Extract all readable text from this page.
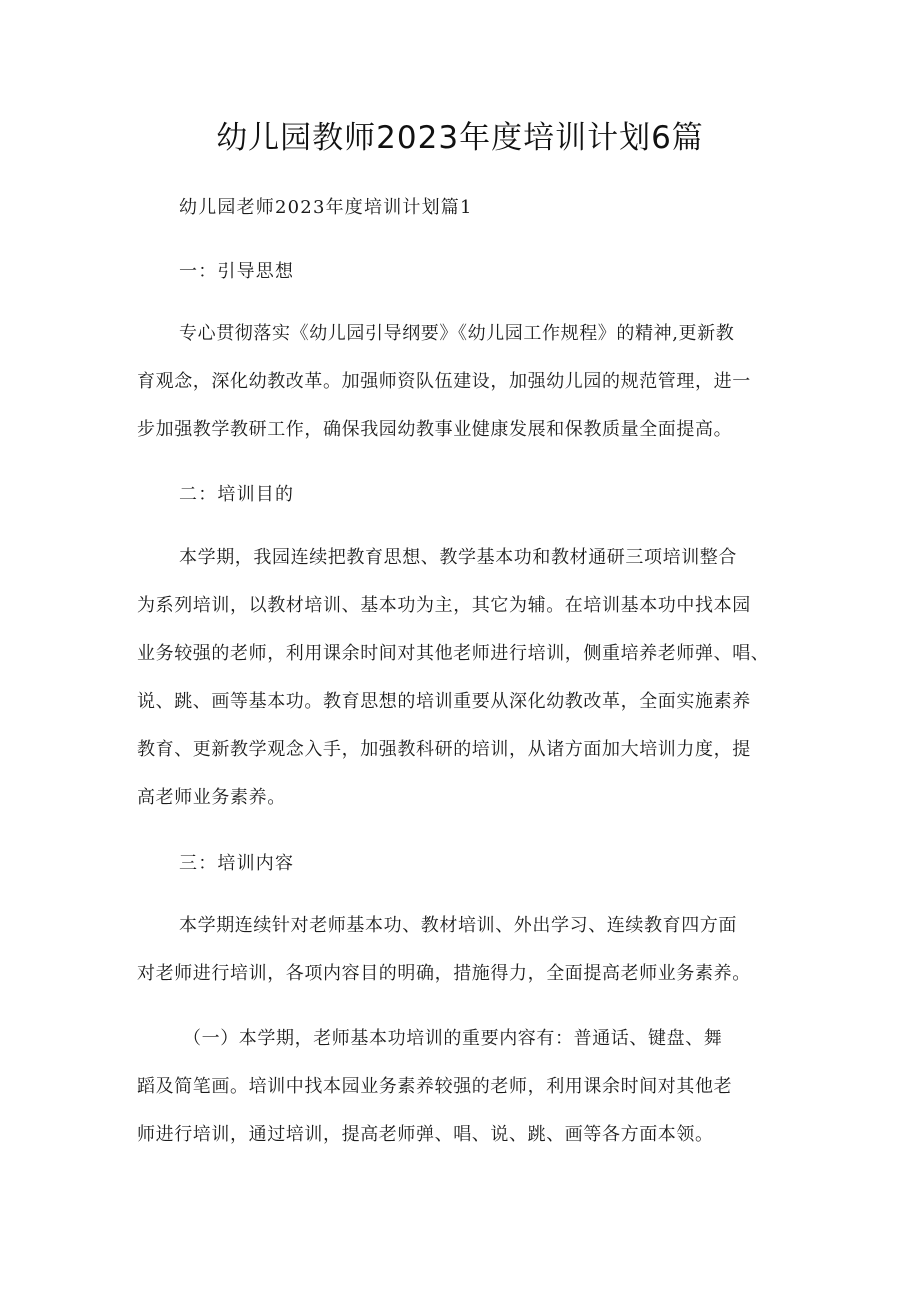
幼儿园教师2023年度培训计划6篇
幼儿园老师2023年度培训计划篇1
一：引导思想
专心贯彻落实《幼儿园引导纲要》《幼儿园工作规程》的精神,更新教
育观念，深化幼教改革。加强师资队伍建设，加强幼儿园的规范管理，进一
步加强教学教研工作，确保我园幼教事业健康发展和保教质量全面提高。
二：培训目的
本学期，我园连续把教育思想、教学基本功和教材通研三项培训整合
为系列培训，以教材培训、基本功为主，其它为辅。在培训基本功中找本园
业务较强的老师，利用课余时间对其他老师进行培训，侧重培养老师弹、唱、
说、跳、画等基本功。教育思想的培训重要从深化幼教改革，全面实施素养
教育、更新教学观念入手，加强教科研的培训，从诸方面加大培训力度，提
高老师业务素养。
三：培训内容
本学期连续针对老师基本功、教材培训、外出学习、连续教育四方面
对老师进行培训，各项内容目的明确，措施得力，全面提高老师业务素养。
（一）本学期，老师基本功培训的重要内容有：普通话、键盘、舞
蹈及简笔画。培训中找本园业务素养较强的老师，利用课余时间对其他老
师进行培训，通过培训，提高老师弹、唱、说、跳、画等各方面本领。
